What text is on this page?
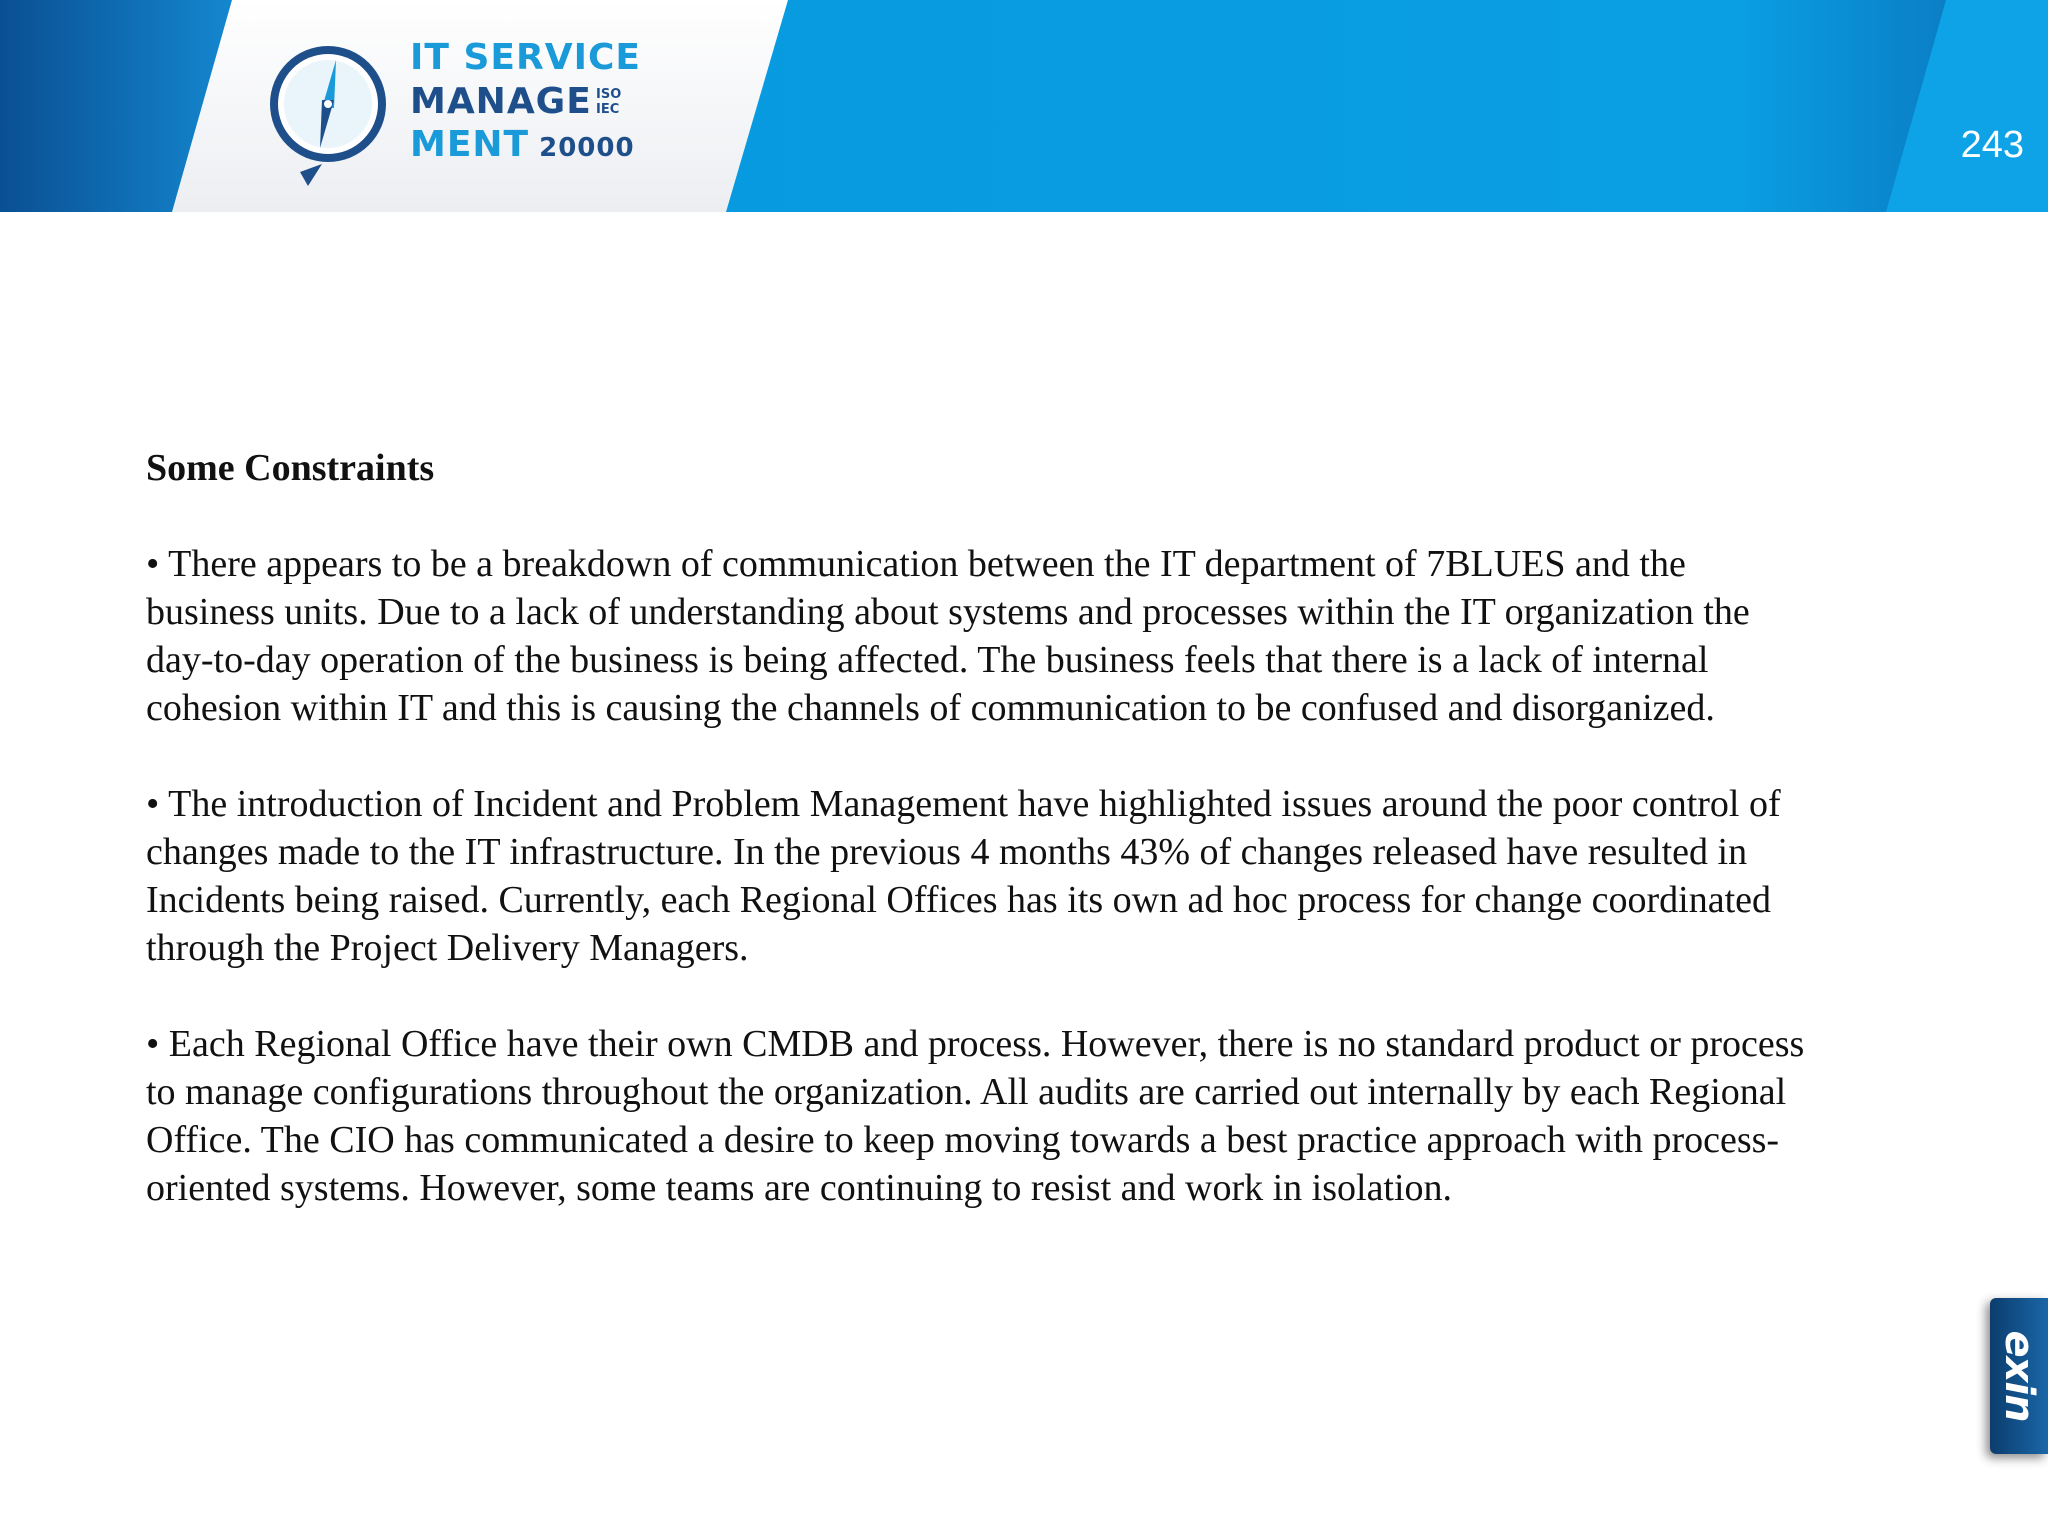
IT SERVICE
MANAGE ISO
IEC
MENT 20000	243

Some Constraints

• There appears to be a breakdown of communication between the IT department of 7BLUES and the business units. Due to a lack of understanding about systems and processes within the IT organization the day-to-day operation of the business is being affected. The business feels that there is a lack of internal cohesion within IT and this is causing the channels of communication to be confused and disorganized.

• The introduction of Incident and Problem Management have highlighted issues around the poor control of changes made to the IT infrastructure. In the previous 4 months 43% of changes released have resulted in Incidents being raised. Currently, each Regional Offices has its own ad hoc process for change coordinated through the Project Delivery Managers.

• Each Regional Office have their own CMDB and process. However, there is no standard product or process to manage configurations throughout the organization. All audits are carried out internally by each Regional Office. The CIO has communicated a desire to keep moving towards a best practice approach with process-oriented systems. However, some teams are continuing to resist and work in isolation.

exin
